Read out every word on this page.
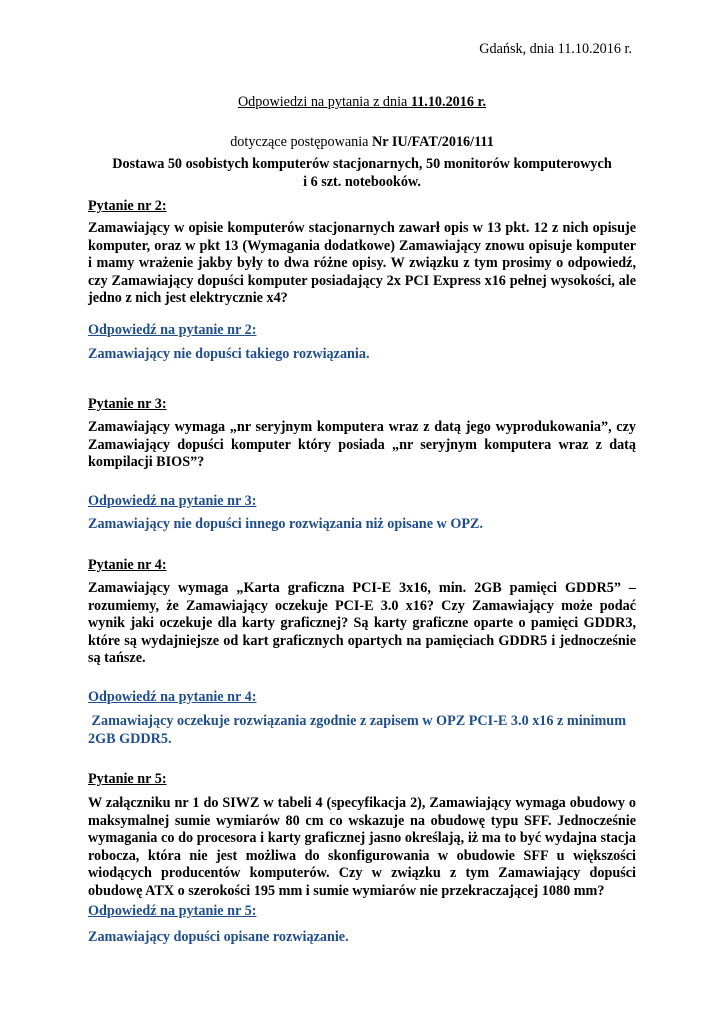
Gdańsk, dnia 11.10.2016 r.
Odpowiedzi na pytania z dnia 11.10.2016 r.
dotyczące postępowania Nr IU/FAT/2016/111
Dostawa 50 osobistych komputerów stacjonarnych, 50 monitorów komputerowych
i 6 szt. notebooków.
Pytanie nr 2:
Zamawiający w opisie komputerów stacjonarnych zawarł opis w 13 pkt. 12 z nich opisuje komputer, oraz w pkt 13 (Wymagania dodatkowe) Zamawiający znowu opisuje komputer i mamy wrażenie jakby były to dwa różne opisy. W związku z tym prosimy o odpowiedź, czy Zamawiający dopuści komputer posiadający 2x PCI Express x16 pełnej wysokości, ale jedno z nich jest elektrycznie x4?
Odpowiedź na pytanie nr 2:
Zamawiający nie dopuści takiego rozwiązania.
Pytanie nr 3:
Zamawiający wymaga „nr seryjnym komputera wraz z datą jego wyprodukowania”, czy Zamawiający dopuści komputer który posiada „nr seryjnym komputera wraz z datą kompilacji BIOS”?
Odpowiedź na pytanie nr 3:
Zamawiający nie dopuści innego rozwiązania niż opisane w OPZ.
Pytanie nr 4:
Zamawiający wymaga „Karta graficzna PCI-E 3x16, min. 2GB pamięci GDDR5” – rozumiemy, że Zamawiający oczekuje PCI-E 3.0 x16? Czy Zamawiający może podać wynik jaki oczekuje dla karty graficznej? Są karty graficzne oparte o pamięci GDDR3, które są wydajniejsze od kart graficznych opartych na pamięciach GDDR5 i jednocześnie są tańsze.
Odpowiedź na pytanie nr 4:
Zamawiający oczekuje rozwiązania zgodnie z zapisem w OPZ PCI-E 3.0 x16 z minimum 2GB GDDR5.
Pytanie nr 5:
W załączniku nr 1 do SIWZ w tabeli 4 (specyfikacja 2), Zamawiający wymaga obudowy o maksymalnej sumie wymiarów 80 cm co wskazuje na obudowę typu SFF. Jednocześnie wymagania co do procesora i karty graficznej jasno określają, iż ma to być wydajna stacja robocza, która nie jest możliwa do skonfigurowania w obudowie SFF u większości wiodących producentów komputerów. Czy w związku z tym Zamawiający dopuści obudowę ATX o szerokości 195 mm i sumie wymiarów nie przekraczającej 1080 mm?
Odpowiedź na pytanie nr 5:
Zamawiający dopuści opisane rozwiązanie.
